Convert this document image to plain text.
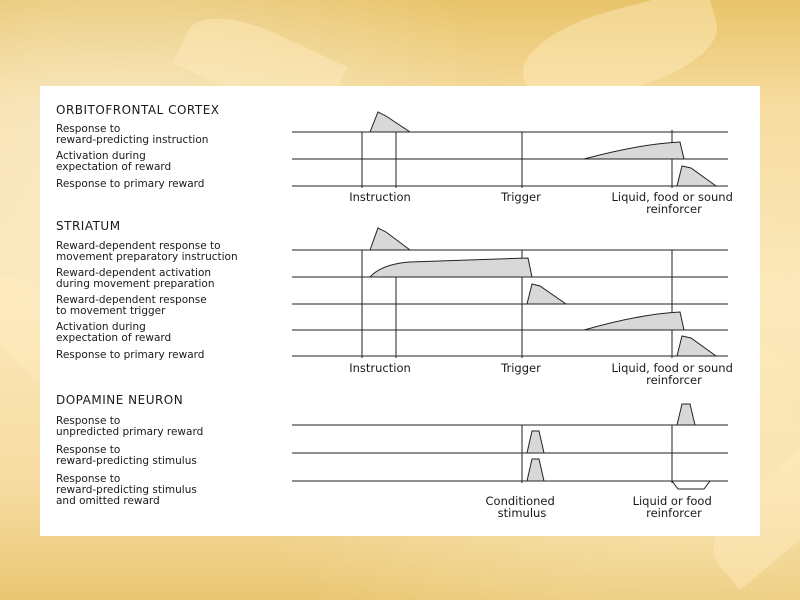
ORBITOFRONTAL CORTEX
Response to reward-predicting instruction
Activation during expectation of reward
Response to primary reward
Instruction	Trigger	Liquid, food or sound reinforcer
STRIATUM
Reward-dependent response to movement preparatory instruction
Reward-dependent activation during movement preparation
Reward-dependent response to movement trigger
Activation during expectation of reward
Response to primary reward
Instruction	Trigger	Liquid, food or sound reinforcer
DOPAMINE NEURON
Response to unpredicted primary reward
Response to reward-predicting stimulus
Response to reward-predicting stimulus and omitted reward	Conditioned stimulus
Liquid or food reinforcer
